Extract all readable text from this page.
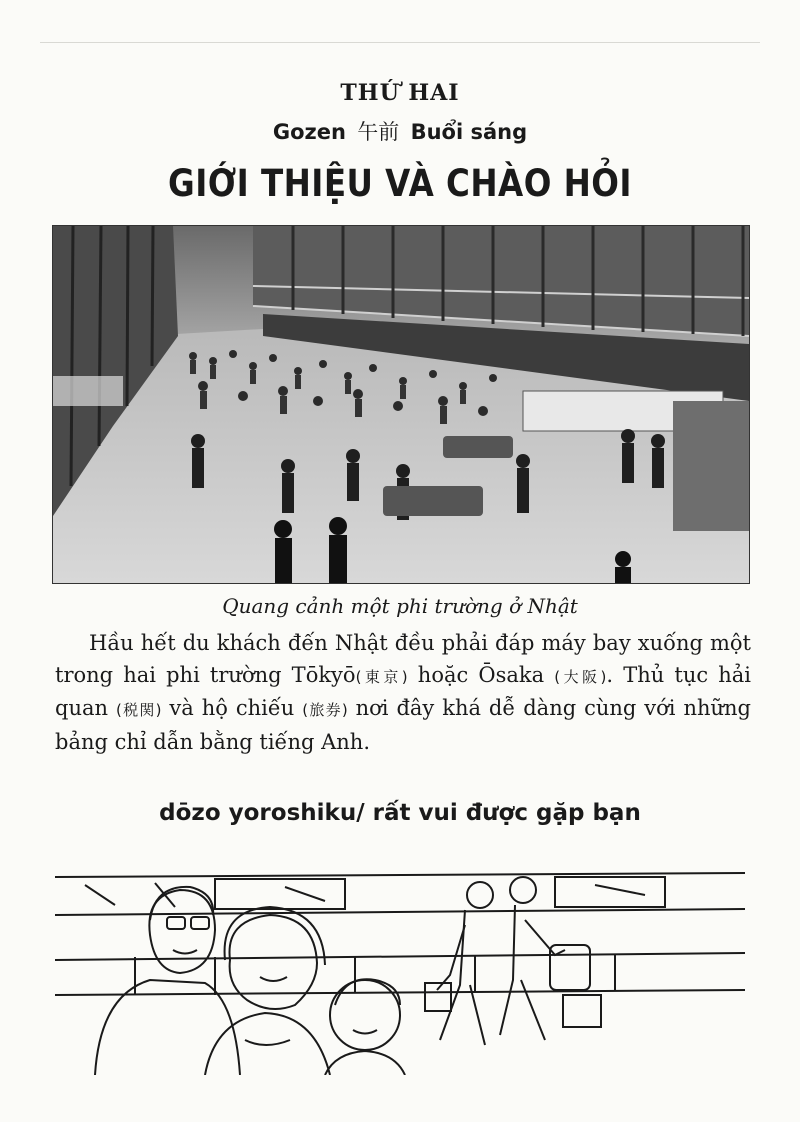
THỨ HAI
Gozen 午前 Buổi sáng
GIỚI THIỆU VÀ CHÀO HỎI
Quang cảnh một phi trường ở Nhật

Hầu hết du khách đến Nhật đều phải đáp máy bay xuống một trong hai phi trường Tōkyō(東京) hoặc Ōsaka (大阪). Thủ tục hải quan (税関) và hộ chiếu (旅券) nơi đây khá dễ dàng cùng với những bảng chỉ dẫn bằng tiếng Anh.

dōzo yoroshiku/ rất vui được gặp bạn
